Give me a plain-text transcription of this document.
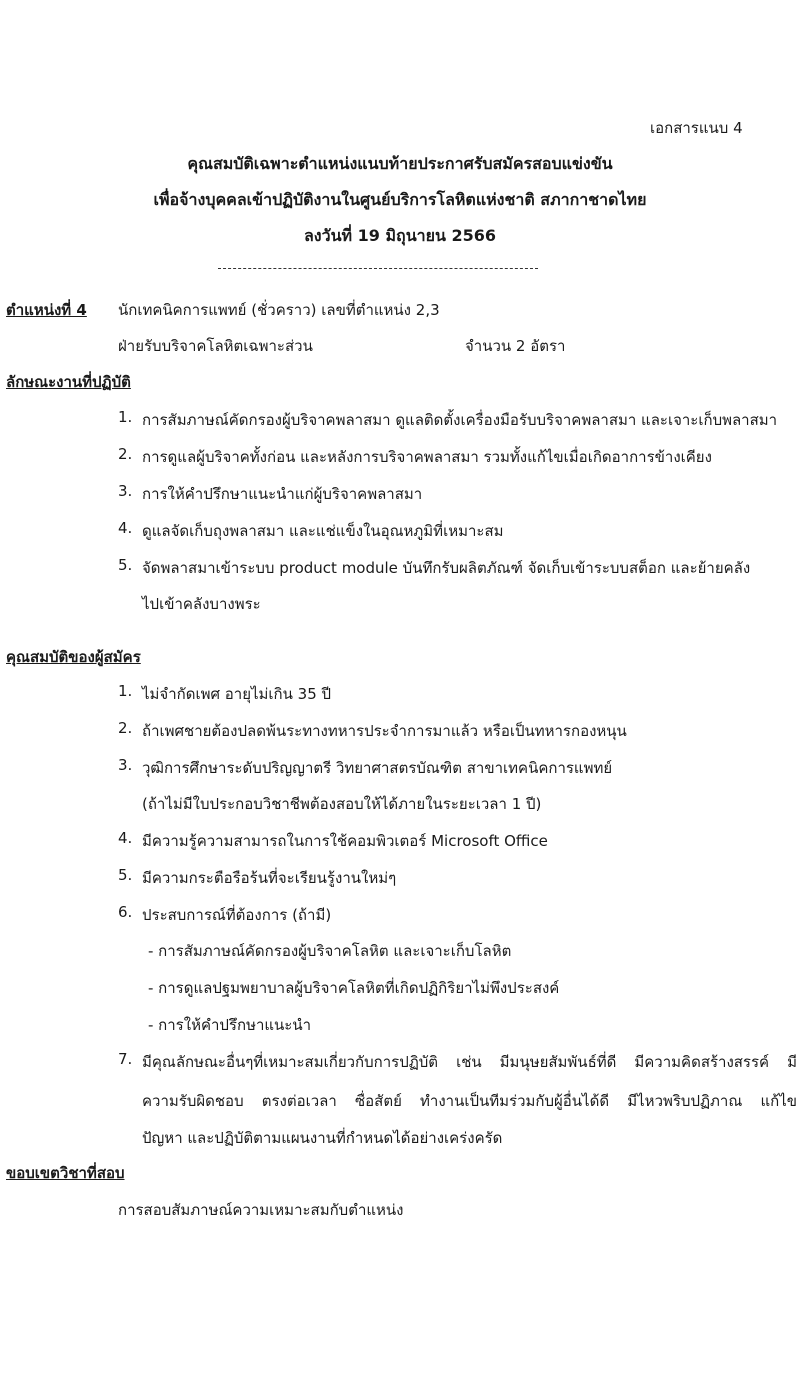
เอกสารแนบ 4
คุณสมบัติเฉพาะตำแหน่งแนบท้ายประกาศรับสมัครสอบแข่งขัน
เพื่อจ้างบุคคลเข้าปฏิบัติงานในศูนย์บริการโลหิตแห่งชาติ สภากาชาดไทย
ลงวันที่ 19 มิถุนายน 2566
ตำแหน่งที่ 4 นักเทคนิคการแพทย์ (ชั่วคราว) เลขที่ตำแหน่ง 2,3
ฝ่ายรับบริจาคโลหิตเฉพาะส่วน	จำนวน 2 อัตรา
ลักษณะงานที่ปฏิบัติ
1. การสัมภาษณ์คัดกรองผู้บริจาคพลาสมา ดูแลติดตั้งเครื่องมือรับบริจาคพลาสมา และเจาะเก็บพลาสมา
2. การดูแลผู้บริจาคทั้งก่อน และหลังการบริจาคพลาสมา รวมทั้งแก้ไขเมื่อเกิดอาการข้างเคียง
3. การให้คำปรึกษาแนะนำแก่ผู้บริจาคพลาสมา
4. ดูแลจัดเก็บถุงพลาสมา และแช่แข็งในอุณหภูมิที่เหมาะสม
5. จัดพลาสมาเข้าระบบ product module บันทึกรับผลิตภัณฑ์ จัดเก็บเข้าระบบสต็อก และย้ายคลัง
ไปเข้าคลังบางพระ
คุณสมบัติของผู้สมัคร
1. ไม่จำกัดเพศ อายุไม่เกิน 35 ปี
2. ถ้าเพศชายต้องปลดพ้นระทางทหารประจำการมาแล้ว หรือเป็นทหารกองหนุน
3. วุฒิการศึกษาระดับปริญญาตรี วิทยาศาสตรบัณฑิต สาขาเทคนิคการแพทย์
(ถ้าไม่มีใบประกอบวิชาชีพต้องสอบให้ได้ภายในระยะเวลา 1 ปี)
4. มีความรู้ความสามารถในการใช้คอมพิวเตอร์ Microsoft Office
5. มีความกระตือรือร้นที่จะเรียนรู้งานใหม่ๆ
6. ประสบการณ์ที่ต้องการ (ถ้ามี)
- การสัมภาษณ์คัดกรองผู้บริจาคโลหิต และเจาะเก็บโลหิต
- การดูแลปฐมพยาบาลผู้บริจาคโลหิตที่เกิดปฏิกิริยาไม่พึงประสงค์
- การให้คำปรึกษาแนะนำ
7. มีคุณลักษณะอื่นๆที่เหมาะสมเกี่ยวกับการปฏิบัติ เช่น มีมนุษยสัมพันธ์ที่ดี มีความคิดสร้างสรรค์ มี
ความรับผิดชอบ ตรงต่อเวลา ซื่อสัตย์ ทำงานเป็นทีมร่วมกับผู้อื่นได้ดี มีไหวพริบปฏิภาณ แก้ไข
ปัญหา และปฏิบัติตามแผนงานที่กำหนดได้อย่างเคร่งครัด
ขอบเขตวิชาที่สอบ
การสอบสัมภาษณ์ความเหมาะสมกับตำแหน่ง
